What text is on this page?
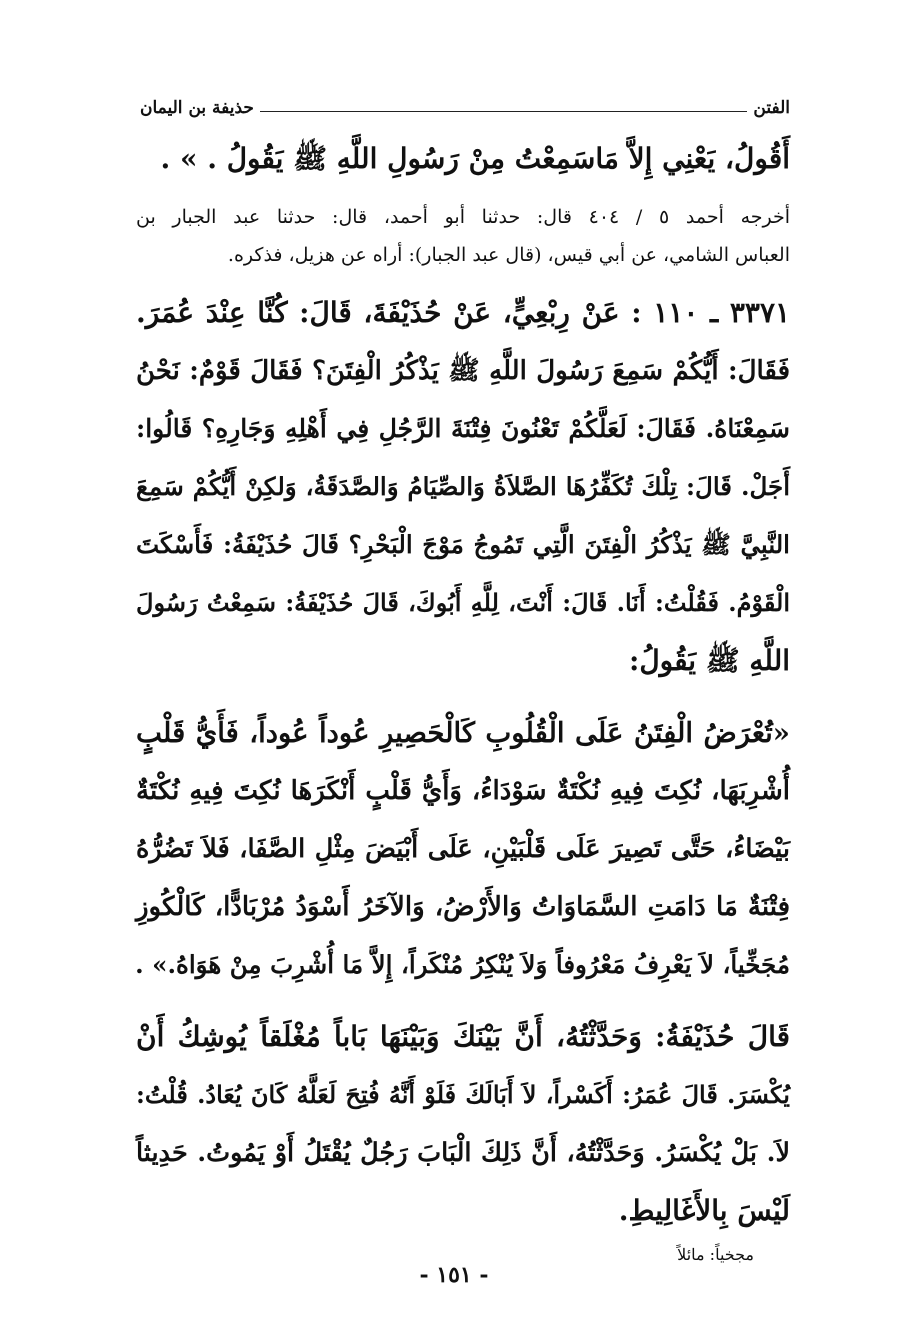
الفتن
حذيفة بن اليمان
أَقُولُ، يَعْنِي إِلاَّ مَاسَمِعْتُ مِنْ رَسُولِ اللَّهِ ﷺ يَقُولُ . » .
أخرجه أحمد ٥ / ٤٠٤ قال: حدثنا أبو أحمد، قال: حدثنا عبد الجبار بن
العباس الشامي، عن أبي قيس، (قال عبد الجبار): أراه عن هزيل، فذكره.
٣٣٧١ ـ ١١٠ : عَنْ رِبْعِيٍّ، عَنْ حُذَيْفَةَ، قَالَ: كُنَّا عِنْدَ عُمَرَ.
فَقَالَ: أَيُّكُمْ سَمِعَ رَسُولَ اللَّهِ ﷺ يَذْكُرُ الْفِتَنَ؟ فَقَالَ قَوْمٌ: نَحْنُ
سَمِعْنَاهُ. فَقَالَ: لَعَلَّكُمْ تَعْنُونَ فِتْنَةَ الرَّجُلِ فِي أَهْلِهِ وَجَارِهِ؟ قَالُوا:
أَجَلْ. قَالَ: تِلْكَ تُكَفِّرُهَا الصَّلاَةُ وَالصِّيَامُ وَالصَّدَقَةُ، وَلكِنْ أَيُّكُمْ سَمِعَ
النَّبِيَّ ﷺ يَذْكُرُ الْفِتَنَ الَّتِي تَمُوجُ مَوْجَ الْبَحْرِ؟ قَالَ حُذَيْفَةُ: فَأَسْكَتَ
الْقَوْمُ. فَقُلْتُ: أَنَا. قَالَ: أَنْتَ، لِلَّهِ أَبُوكَ، قَالَ حُذَيْفَةُ: سَمِعْتُ رَسُولَ
اللَّهِ ﷺ يَقُولُ:
«تُعْرَضُ الْفِتَنُ عَلَى الْقُلُوبِ كَالْحَصِيرِ عُوداً عُوداً، فَأَيُّ قَلْبٍ
أُشْرِبَهَا، نُكِتَ فِيهِ نُكْتَةٌ سَوْدَاءُ، وَأَيُّ قَلْبٍ أَنْكَرَهَا نُكِتَ فِيهِ نُكْتَةٌ
بَيْضَاءُ، حَتَّى تَصِيرَ عَلَى قَلْبَيْنِ، عَلَى أَبْيَضَ مِثْلِ الصَّفَا، فَلاَ تَضُرُّهُ
فِتْنَةٌ مَا دَامَتِ السَّمَاوَاتُ وَالأَرْضُ، وَالآخَرُ أَسْوَدُ مُرْبَادًّا، كَالْكُوزِ
مُجَخِّياً، لاَ يَعْرِفُ مَعْرُوفاً وَلاَ يُنْكِرُ مُنْكَراً، إِلاَّ مَا أُشْرِبَ مِنْ هَوَاهُ.» .
قَالَ حُذَيْفَةُ: وَحَدَّثْتُهُ، أَنَّ بَيْنَكَ وَبَيْنَهَا بَاباً مُغْلَقاً يُوشِكُ أَنْ
يُكْسَرَ. قَالَ عُمَرُ: أَكَسْراً، لاَ أَبَالَكَ فَلَوْ أَنَّهُ فُتِحَ لَعَلَّهُ كَانَ يُعَادُ. قُلْتُ:
لاَ. بَلْ يُكْسَرُ. وَحَدَّثْتُهُ، أَنَّ ذَلِكَ الْبَابَ رَجُلٌ يُقْتَلُ أَوْ يَمُوتُ. حَدِيثاً
لَيْسَ بِالأَغَالِيطِ.
مجخياً: مائلاً
- ١٥١ -
